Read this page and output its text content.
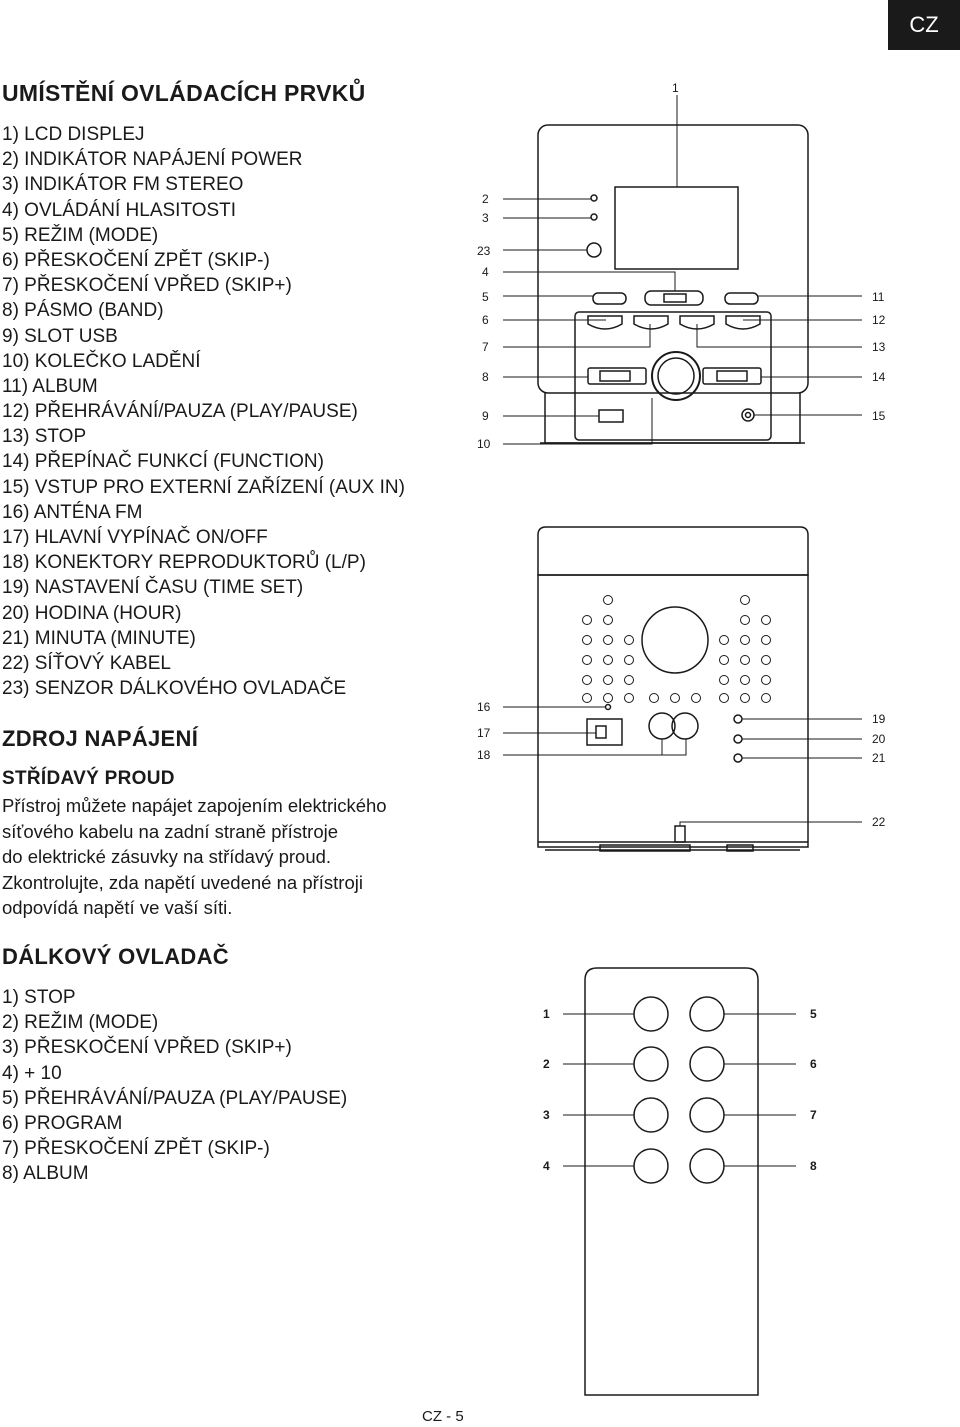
CZ
UMÍSTĚNÍ OVLÁDACÍCH PRVKŮ
1) LCD DISPLEJ
2) INDIKÁTOR NAPÁJENÍ POWER
3) INDIKÁTOR FM STEREO
4) OVLÁDÁNÍ HLASITOSTI
5) REŽIM (MODE)
6) PŘESKOČENÍ ZPĚT (SKIP-)
7) PŘESKOČENÍ VPŘED (SKIP+)
8) PÁSMO (BAND)
9) SLOT USB
10) KOLEČKO LADĚNÍ
11) ALBUM
12) PŘEHRÁVÁNÍ/PAUZA (PLAY/PAUSE)
13) STOP
14) PŘEPÍNAČ FUNKCÍ (FUNCTION)
15) VSTUP PRO EXTERNÍ ZAŘÍZENÍ (AUX IN)
16) ANTÉNA FM
17) HLAVNÍ VYPÍNAČ ON/OFF
18) KONEKTORY REPRODUKTORŮ (L/P)
19) NASTAVENÍ ČASU (TIME SET)
20) HODINA (HOUR)
21) MINUTA (MINUTE)
22) SÍŤOVÝ KABEL
23) SENZOR DÁLKOVÉHO OVLADAČE
ZDROJ NAPÁJENÍ
STŘÍDAVÝ PROUD

Přístroj můžete napájet zapojením elektrického
síťového kabelu na zadní straně přístroje
do elektrické zásuvky na střídavý proud.
Zkontrolujte, zda napětí uvedené na přístroji
odpovídá napětí ve vaší síti.

DÁLKOVÝ OVLADAČ
1) STOP
2) REŽIM (MODE)
3) PŘESKOČENÍ VPŘED (SKIP+)
4) + 10
5) PŘEHRÁVÁNÍ/PAUZA (PLAY/PAUSE)
6) PROGRAM
7) PŘESKOČENÍ ZPĚT (SKIP-)
8) ALBUM
1
2
3
23
4
5
6
7
8
9
10
11
12
13
14
15
16
17
18
19
20
21
22
1
2
3
4
5
6
7
8
CZ - 5
